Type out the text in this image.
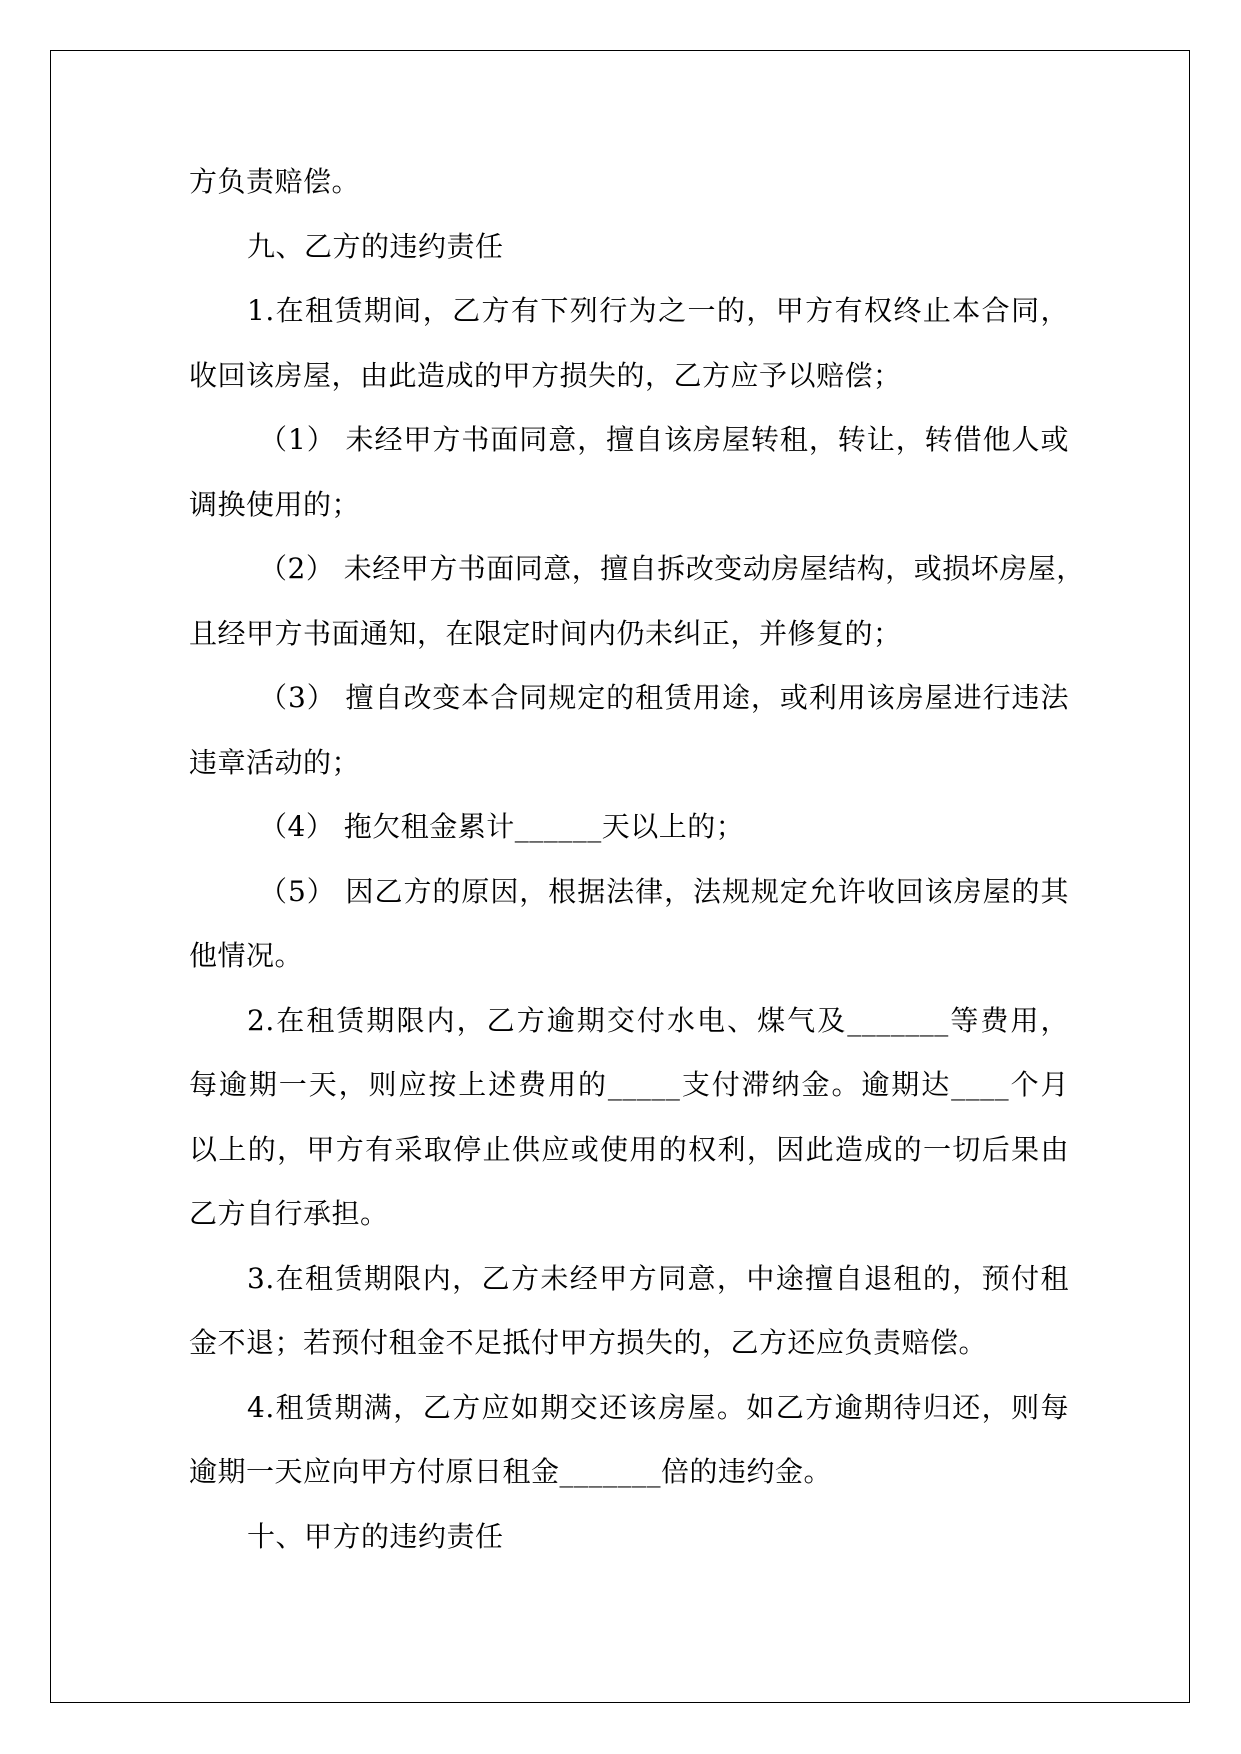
方负责赔偿。
九、乙方的违约责任
1.在租赁期间，乙方有下列行为之一的，甲方有权终止本合同，
收回该房屋，由此造成的甲方损失的，乙方应予以赔偿；
（1） 未经甲方书面同意，擅自该房屋转租，转让，转借他人或
调换使用的；
（2） 未经甲方书面同意，擅自拆改变动房屋结构，或损坏房屋，
且经甲方书面通知，在限定时间内仍未纠正，并修复的；
（3） 擅自改变本合同规定的租赁用途，或利用该房屋进行违法
违章活动的；
（4） 拖欠租金累计______天以上的；
（5） 因乙方的原因，根据法律，法规规定允许收回该房屋的其
他情况。
2.在租赁期限内，乙方逾期交付水电、煤气及_______等费用，
每逾期一天，则应按上述费用的_____支付滞纳金。逾期达____个月
以上的，甲方有采取停止供应或使用的权利，因此造成的一切后果由
乙方自行承担。
3.在租赁期限内，乙方未经甲方同意，中途擅自退租的，预付租
金不退；若预付租金不足抵付甲方损失的，乙方还应负责赔偿。
4.租赁期满，乙方应如期交还该房屋。如乙方逾期待归还，则每
逾期一天应向甲方付原日租金_______倍的违约金。
十、甲方的违约责任
